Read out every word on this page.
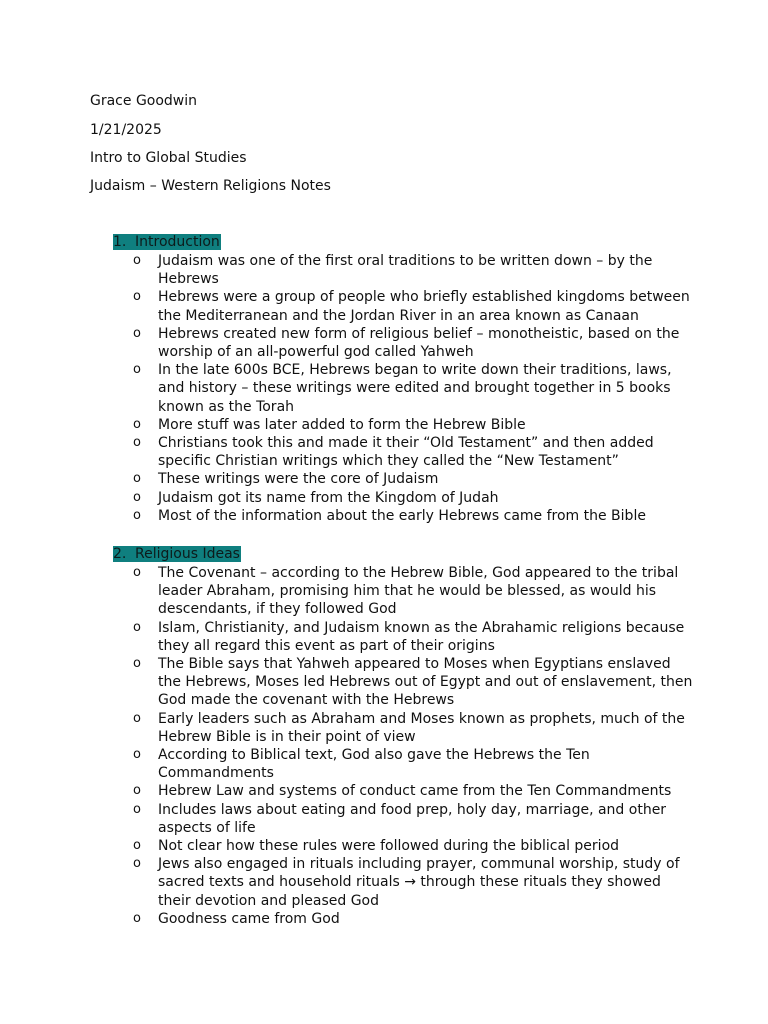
Grace Goodwin
1/21/2025
Intro to Global Studies
Judaism – Western Religions Notes
1. Introduction
o Judaism was one of the first oral traditions to be written down – by the Hebrews
o Hebrews were a group of people who briefly established kingdoms between the Mediterranean and the Jordan River in an area known as Canaan
o Hebrews created new form of religious belief – monotheistic, based on the worship of an all-powerful god called Yahweh
o In the late 600s BCE, Hebrews began to write down their traditions, laws, and history – these writings were edited and brought together in 5 books known as the Torah
o More stuff was later added to form the Hebrew Bible
o Christians took this and made it their “Old Testament” and then added specific Christian writings which they called the “New Testament”
o These writings were the core of Judaism
o Judaism got its name from the Kingdom of Judah
o Most of the information about the early Hebrews came from the Bible
2. Religious Ideas
o The Covenant – according to the Hebrew Bible, God appeared to the tribal leader Abraham, promising him that he would be blessed, as would his descendants, if they followed God
o Islam, Christianity, and Judaism known as the Abrahamic religions because they all regard this event as part of their origins
o The Bible says that Yahweh appeared to Moses when Egyptians enslaved the Hebrews, Moses led Hebrews out of Egypt and out of enslavement, then God made the covenant with the Hebrews
o Early leaders such as Abraham and Moses known as prophets, much of the Hebrew Bible is in their point of view
o According to Biblical text, God also gave the Hebrews the Ten Commandments
o Hebrew Law and systems of conduct came from the Ten Commandments
o Includes laws about eating and food prep, holy day, marriage, and other aspects of life
o Not clear how these rules were followed during the biblical period
o Jews also engaged in rituals including prayer, communal worship, study of sacred texts and household rituals → through these rituals they showed their devotion and pleased God
o Goodness came from God
